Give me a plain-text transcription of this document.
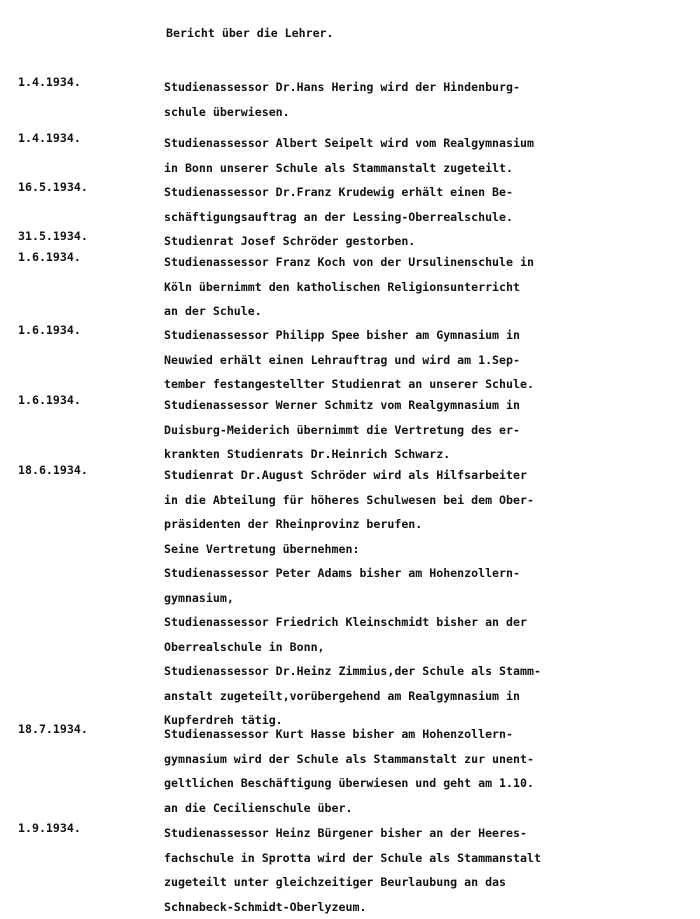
Bericht über die Lehrer.
1.4.1934.	Studienassessor Dr.Hans Hering wird der Hindenburg-
schule überwiesen.
1.4.1934.	Studienassessor Albert Seipelt wird vom Realgymnasium
in Bonn unserer Schule als Stammanstalt zugeteilt.
16.5.1934.	Studienassessor Dr.Franz Krudewig erhält einen Be-
schäftigungsauftrag an der Lessing-Oberrealschule.
31.5.1934.	Studienrat Josef Schröder gestorben.
1.6.1934.	Studienassessor Franz Koch von der Ursulinenschule in
Köln übernimmt den katholischen Religionsunterricht
an der Schule.
1.6.1934.	Studienassessor Philipp Spee bisher am Gymnasium in
Neuwied erhält einen Lehrauftrag und wird am 1.Sep-
tember festangestellter Studienrat an unserer Schule.
1.6.1934.	Studienassessor Werner Schmitz vom Realgymnasium in
Duisburg-Meiderich übernimmt die Vertretung des er-
krankten Studienrats Dr.Heinrich Schwarz.
18.6.1934.	Studienrat Dr.August Schröder wird als Hilfsarbeiter
in die Abteilung für höheres Schulwesen bei dem Ober-
präsidenten der Rheinprovinz berufen.
Seine Vertretung übernehmen:
Studienassessor Peter Adams bisher am Hohenzollern-
gymnasium,
Studienassessor Friedrich Kleinschmidt bisher an der
Oberrealschule in Bonn,
Studienassessor Dr.Heinz Zimmius,der Schule als Stamm-
anstalt zugeteilt,vorübergehend am Realgymnasium in
Kupferdreh tätig.
18.7.1934.	Studienassessor Kurt Hasse bisher am Hohenzollern-
gymnasium wird der Schule als Stammanstalt zur unent-
geltlichen Beschäftigung überwiesen und geht am 1.10.
an die Cecilienschule über.
1.9.1934.	Studienassessor Heinz Bürgener bisher an der Heeres-
fachschule in Sprotta wird der Schule als Stammanstalt
zugeteilt unter gleichzeitiger Beurlaubung an das
Schnabeck-Schmidt-Oberlyzeum.
